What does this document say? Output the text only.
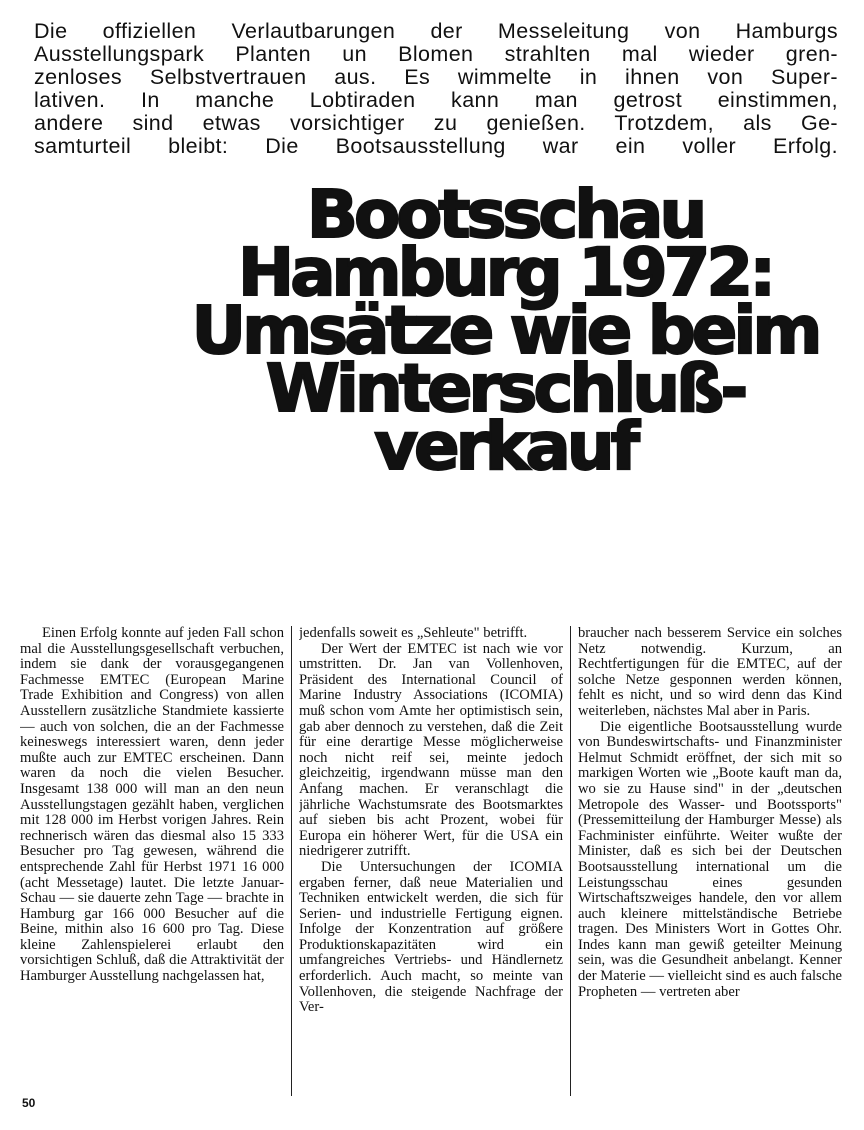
Die offiziellen Verlautbarungen der Messeleitung von Hamburgs
Ausstellungspark Planten un Blomen strahlten mal wieder gren-
zenloses Selbstvertrauen aus. Es wimmelte in ihnen von Super-
lativen. In manche Lobtiraden kann man getrost einstimmen,
andere sind etwas vorsichtiger zu genießen. Trotzdem, als Ge-
samturteil bleibt: Die Bootsausstellung war ein voller Erfolg.
Bootsschau
Hamburg 1972:
Umsätze wie beim
Winterschluß-
verkauf

Einen Erfolg konnte auf jeden Fall schon mal die Ausstellungsgesellschaft verbuchen, indem sie dank der vorausgegangenen Fachmesse EMTEC (European Marine Trade Exhibition and Congress) von allen Ausstellern zusätzliche Standmiete kassierte — auch von solchen, die an der Fachmesse keineswegs interessiert waren, denn jeder mußte auch zur EMTEC erscheinen. Dann waren da noch die vielen Besucher. Insgesamt 138 000 will man an den neun Ausstellungstagen gezählt haben, verglichen mit 128 000 im Herbst vorigen Jahres. Rein rechnerisch wären das diesmal also 15 333 Besucher pro Tag gewesen, während die entsprechende Zahl für Herbst 1971 16 000 (acht Messetage) lautet. Die letzte Januar-Schau — sie dauerte zehn Tage — brachte in Hamburg gar 166 000 Besucher auf die Beine, mithin also 16 600 pro Tag. Diese kleine Zahlenspielerei erlaubt den vorsichtigen Schluß, daß die Attraktivität der Hamburger Ausstellung nachgelassen hat,

jedenfalls soweit es „Sehleute" betrifft.

Der Wert der EMTEC ist nach wie vor umstritten. Dr. Jan van Vollenhoven, Präsident des International Council of Marine Industry Associations (ICOMIA) muß schon vom Amte her optimistisch sein, gab aber dennoch zu verstehen, daß die Zeit für eine derartige Messe möglicherweise noch nicht reif sei, meinte jedoch gleichzeitig, irgendwann müsse man den Anfang machen. Er veranschlagt die jährliche Wachstumsrate des Bootsmarktes auf sieben bis acht Prozent, wobei für Europa ein höherer Wert, für die USA ein niedrigerer zutrifft.

Die Untersuchungen der ICOMIA ergaben ferner, daß neue Materialien und Techniken entwickelt werden, die sich für Serien- und industrielle Fertigung eignen. Infolge der Konzentration auf größere Produktionskapazitäten wird ein umfangreiches Vertriebs- und Händlernetz erforderlich. Auch macht, so meinte van Vollenhoven, die steigende Nachfrage der Ver-

braucher nach besserem Service ein solches Netz notwendig. Kurzum, an Rechtfertigungen für die EMTEC, auf der solche Netze gesponnen werden können, fehlt es nicht, und so wird denn das Kind weiterleben, nächstes Mal aber in Paris.

Die eigentliche Bootsausstellung wurde von Bundeswirtschafts- und Finanzminister Helmut Schmidt eröffnet, der sich mit so markigen Worten wie „Boote kauft man da, wo sie zu Hause sind" in der „deutschen Metropole des Wasser- und Bootssports" (Pressemitteilung der Hamburger Messe) als Fachminister einführte. Weiter wußte der Minister, daß es sich bei der Deutschen Bootsausstellung international um die Leistungsschau eines gesunden Wirtschaftszweiges handele, den vor allem auch kleinere mittelständische Betriebe tragen. Des Ministers Wort in Gottes Ohr. Indes kann man gewiß geteilter Meinung sein, was die Gesundheit anbelangt. Kenner der Materie — vielleicht sind es auch falsche Propheten — vertreten aber

50
